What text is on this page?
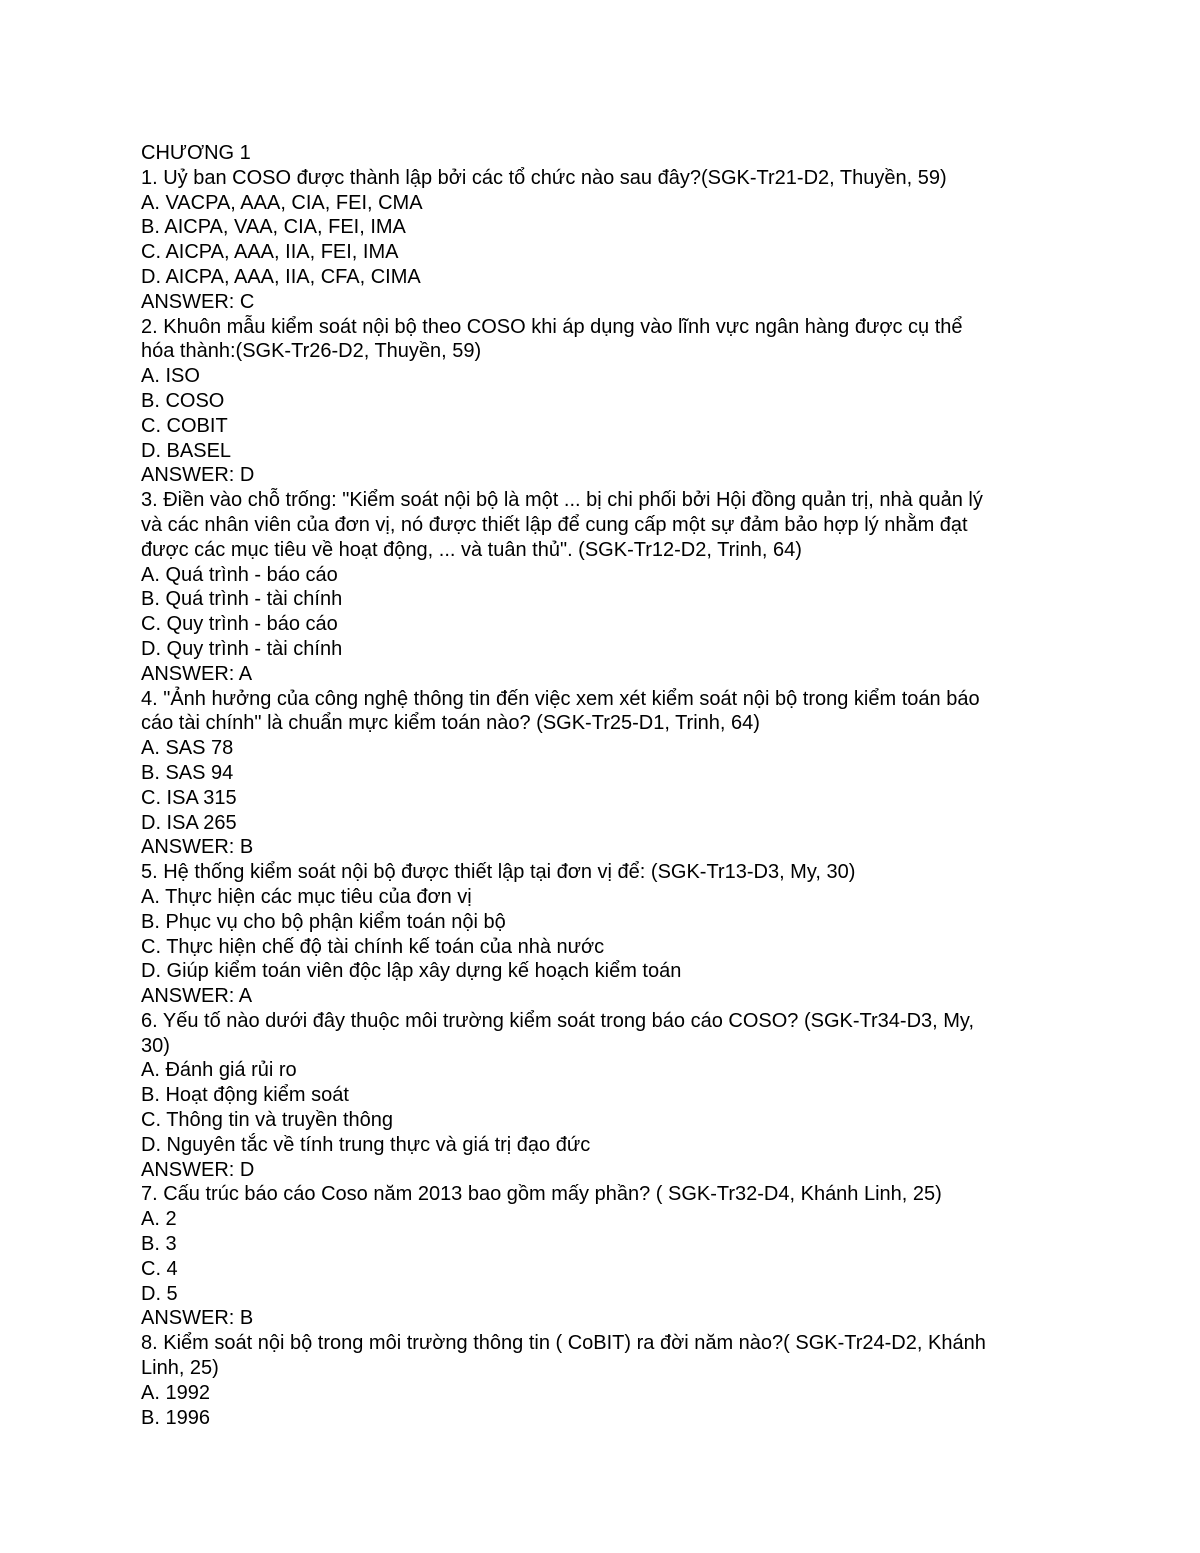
CHƯƠNG 1
1. Uỷ ban COSO được thành lập bởi các tổ chức nào sau đây?(SGK-Tr21-D2, Thuyền, 59)
A. VACPA, AAA, CIA, FEI, CMA
B. AICPA, VAA, CIA, FEI, IMA
C. AICPA, AAA, IIA, FEI, IMA
D. AICPA, AAA, IIA, CFA, CIMA
ANSWER: C
2. Khuôn mẫu kiểm soát nội bộ theo COSO khi áp dụng vào lĩnh vực ngân hàng được cụ thể
hóa thành:(SGK-Tr26-D2, Thuyền, 59)
A. ISO
B. COSO
C. COBIT
D. BASEL
ANSWER: D
3. Điền vào chỗ trống: "Kiểm soát nội bộ là một ... bị chi phối bởi Hội đồng quản trị, nhà quản lý
và các nhân viên của đơn vị, nó được thiết lập để cung cấp một sự đảm bảo hợp lý nhằm đạt
được các mục tiêu về hoạt động, ... và tuân thủ". (SGK-Tr12-D2, Trinh, 64)
A. Quá trình - báo cáo
B. Quá trình - tài chính
C. Quy trình - báo cáo
D. Quy trình - tài chính
ANSWER: A
4. "Ảnh hưởng của công nghệ thông tin đến việc xem xét kiểm soát nội bộ trong kiểm toán báo
cáo tài chính" là chuẩn mực kiểm toán nào? (SGK-Tr25-D1, Trinh, 64)
A. SAS 78
B. SAS 94
C. ISA 315
D. ISA 265
ANSWER: B
5. Hệ thống kiểm soát nội bộ được thiết lập tại đơn vị để: (SGK-Tr13-D3, My, 30)
A. Thực hiện các mục tiêu của đơn vị
B. Phục vụ cho bộ phận kiểm toán nội bộ
C. Thực hiện chế độ tài chính kế toán của nhà nước
D. Giúp kiểm toán viên độc lập xây dựng kế hoạch kiểm toán
ANSWER: A
6. Yếu tố nào dưới đây thuộc môi trường kiểm soát trong báo cáo COSO? (SGK-Tr34-D3, My,
30)
A. Đánh giá rủi ro
B. Hoạt động kiểm soát
C. Thông tin và truyền thông
D. Nguyên tắc về tính trung thực và giá trị đạo đức
ANSWER: D
7. Cấu trúc báo cáo Coso năm 2013 bao gồm mấy phần? ( SGK-Tr32-D4, Khánh Linh, 25)
A. 2
B. 3
C. 4
D. 5
ANSWER: B
8. Kiểm soát nội bộ trong môi trường thông tin ( CoBIT) ra đời năm nào?( SGK-Tr24-D2, Khánh
Linh, 25)
A. 1992
B. 1996
